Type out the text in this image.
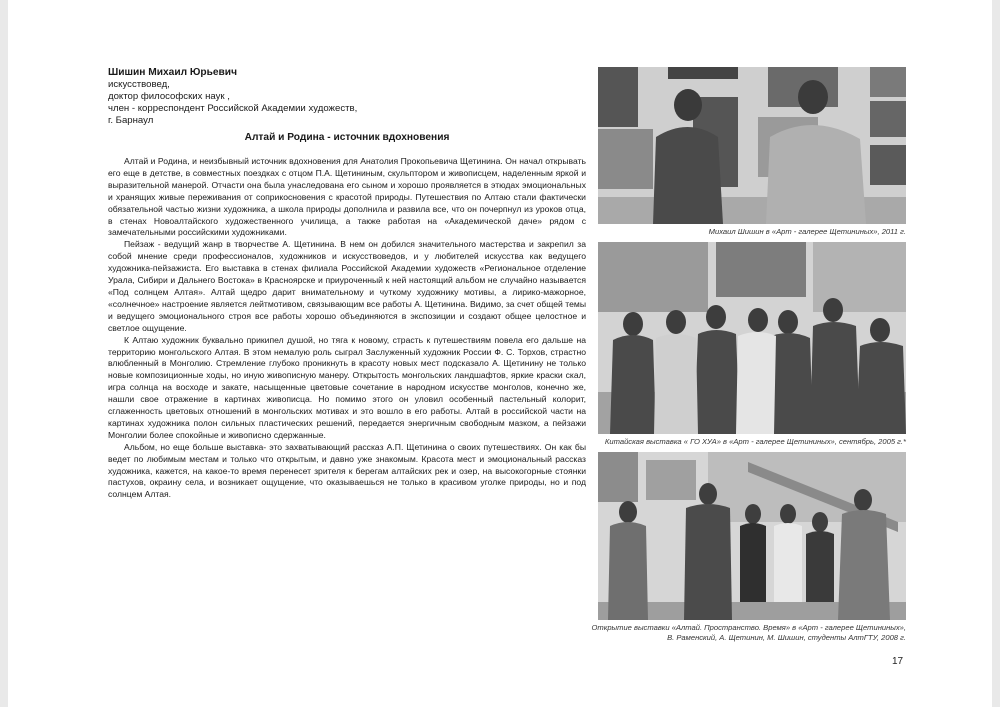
Шишин Михаил Юрьевич
искусствовед,
доктор философских наук ,
член - корреспондент Российской Академии художеств,
г. Барнаул
Алтай и Родина - источник вдохновения

Алтай и Родина, и неизбывный источник вдохновения для Анатолия Прокопьевича Щетинина. Он начал открывать его еще в детстве, в совместных поездках с отцом П.А. Щетининым, скульптором и живописцем, наделенным яркой и выразительной манерой. Отчасти она была унаследована его сыном и хорошо проявляется в этюдах эмоциональных и хранящих живые переживания от соприкосновения с красотой природы. Путешествия по Алтаю стали фактически обязательной частью жизни художника, а школа природы дополнила и развила все, что он почерпнул из уроков отца, в стенах Новоалтайского художественного училища, а также работая на «Академической даче» рядом с замечательными российскими художниками.

Пейзаж - ведущий жанр в творчестве А. Щетинина. В нем он добился значительного мастерства и закрепил за собой мнение среди профессионалов, художников и искусствоведов, и у любителей искусства как ведущего художника-пейзажиста. Его выставка в стенах филиала Российской Академии художеств «Региональное отделение Урала, Сибири и Дальнего Востока» в Красноярске и приуроченный к ней настоящий альбом не случайно называется «Под солнцем Алтая». Алтай щедро дарит внимательному и чуткому художнику мотивы, а лирико-мажорное, «солнечное» настроение является лейтмотивом, связывающим все работы А. Щетинина. Видимо, за счет общей темы и ведущего эмоционального строя все работы хорошо объединяются в экспозиции и создают общее целостное и светлое ощущение.

К Алтаю художник буквально прикипел душой, но тяга к новому, страсть к путешествиям повела его дальше на территорию монгольского Алтая. В этом немалую роль сыграл Заслуженный художник России Ф. С. Торхов, страстно влюбленный в Монголию. Стремление глубоко проникнуть в красоту новых мест подсказало А. Щетинину не только новые композиционные ходы, но иную живописную манеру. Открытость монгольских ландшафтов, яркие краски скал, игра солнца на восходе и закате, насыщенные цветовые сочетание в народном искусстве монголов, конечно же, нашли свое отражение в картинах живописца. Но помимо этого он уловил особенный пастельный колорит, сглаженность цветовых отношений в монгольских мотивах и это вошло в его работы. Алтай в российской части на картинах художника полон сильных пластических решений, передается энергичным свободным мазком, а пейзажи Монголии более спокойные и живописно сдержанные.

Альбом, но еще больше выставка- это захватывающий рассказ А.П. Щетинина о своих путешествиях. Он как бы ведет по любимым местам и только что открытым, и давно уже знакомым. Красота мест и эмоциональный рассказ художника, кажется, на какое-то время перенесет зрителя к берегам алтайских рек и озер, на высокогорные стоянки пастухов, окраину села, и возникает ощущение, что оказываешься не только в красивом уголке природы, но и под солнцем Алтая.

Михаил Шишин в «Арт - галерее Щетининых», 2011 г.
Китайская выставка « ГО ХУА» в «Арт - галерее Щетининых», сентябрь, 2005 г.*
Открытие выставки «Алтай. Пространство. Время» в «Арт - галерее Щетининых»,
В. Раменский, А. Щетинин, М. Шишин, студенты АлтГТУ, 2008 г.
17
